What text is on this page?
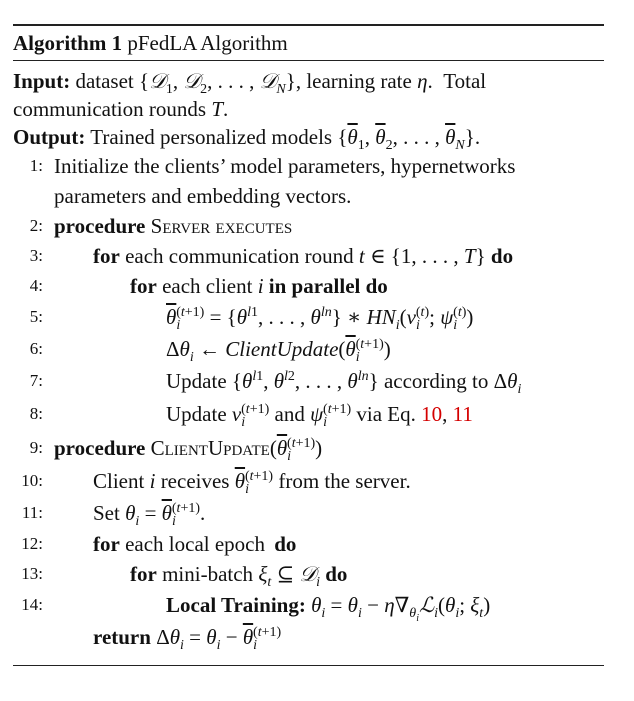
Algorithm 1 pFedLA Algorithm
Input: dataset {𝒟$_1$, 𝒟$_2$, . . . , 𝒟$_N$}, learning rate η.  Total communication rounds T.
Output: Trained personalized models {$\overline{\theta}_1$, $\overline{\theta}_2$, . . . , $\overline{\theta}_N$}.
1: Initialize the clients’ model parameters, hypernetworks parameters and embedding vectors.
2: procedure Server executes
3: for each communication round t ∈ {1, . . . , T} do
4:	for each client i in parallel do
5:	$\overline{\theta}_i^{(t+1)} = \{\theta^{l1}$, . . . , $\theta^{ln}$} ∗ $HN_i(v_i^{(t)}$; $\psi_i^{(t)}$)
6:	$\Delta\theta_i$ ← $ClientUpdate(\overline{\theta}_i^{(t+1)})$
7:	Update {$\theta^{l1}$, $\theta^{l2}$, . . . , $\theta^{ln}$} according to $\Delta\theta_i$
8:	Update $v_i^{(t+1)}$ and $\psi_i^{(t+1)}$ via Eq. 10, 11
9: procedure $ClientUpdate(\overline{\theta}_i^{(t+1)})$
10: Client i receives $\overline{\theta}_i^{(t+1)}$ from the server.
11: Set $\theta_i = \overline{\theta}_i^{(t+1)}$.
12: for each local epoch do
13:	for mini-batch $\xi_t$ ⊆ 𝒟$_i$ do
14:	Local Training: $\theta_i = \theta_i$ − $\eta\nabla_{\theta_i}ℒ_i(\theta_i$; $\xi_t$)
return $\Delta\theta_i = \theta_i - \overline{\theta}_i^{(t+1)}$
